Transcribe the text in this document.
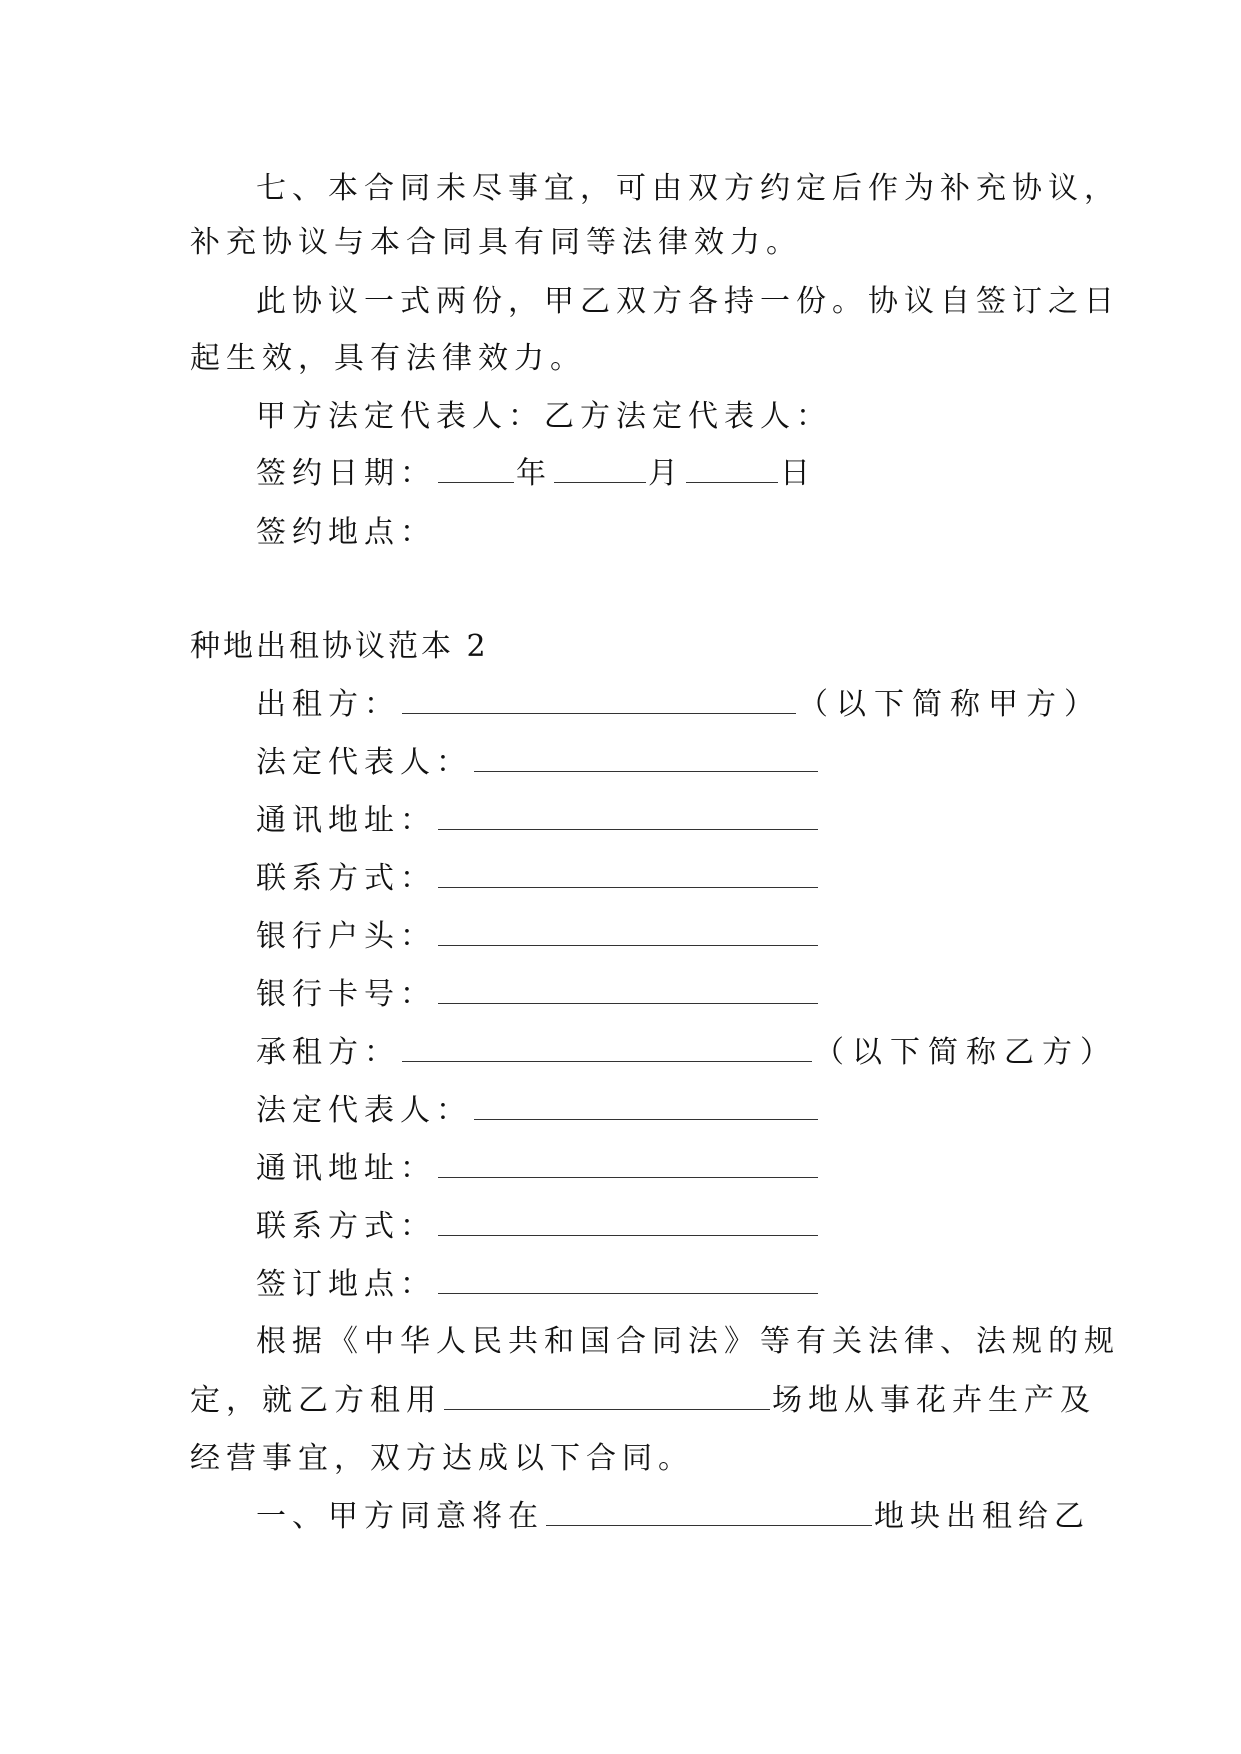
七、本合同未尽事宜，可由双方约定后作为补充协议，
补充协议与本合同具有同等法律效力。
此协议一式两份，甲乙双方各持一份。协议自签订之日
起生效，具有法律效力。
甲方法定代表人：乙方法定代表人：
签约日期：	年	月	日
签约地点：
种地出租协议范本 2
出租方：	（以下简称甲方）
法定代表人：
通讯地址：
联系方式：
银行户头：
银行卡号：
承租方：	（以下简称乙方）
法定代表人：
通讯地址：
联系方式：
签订地点：
根据《中华人民共和国合同法》等有关法律、法规的规
定，就乙方租用	场地从事花卉生产及
经营事宜，双方达成以下合同。
一、甲方同意将在	地块出租给乙
